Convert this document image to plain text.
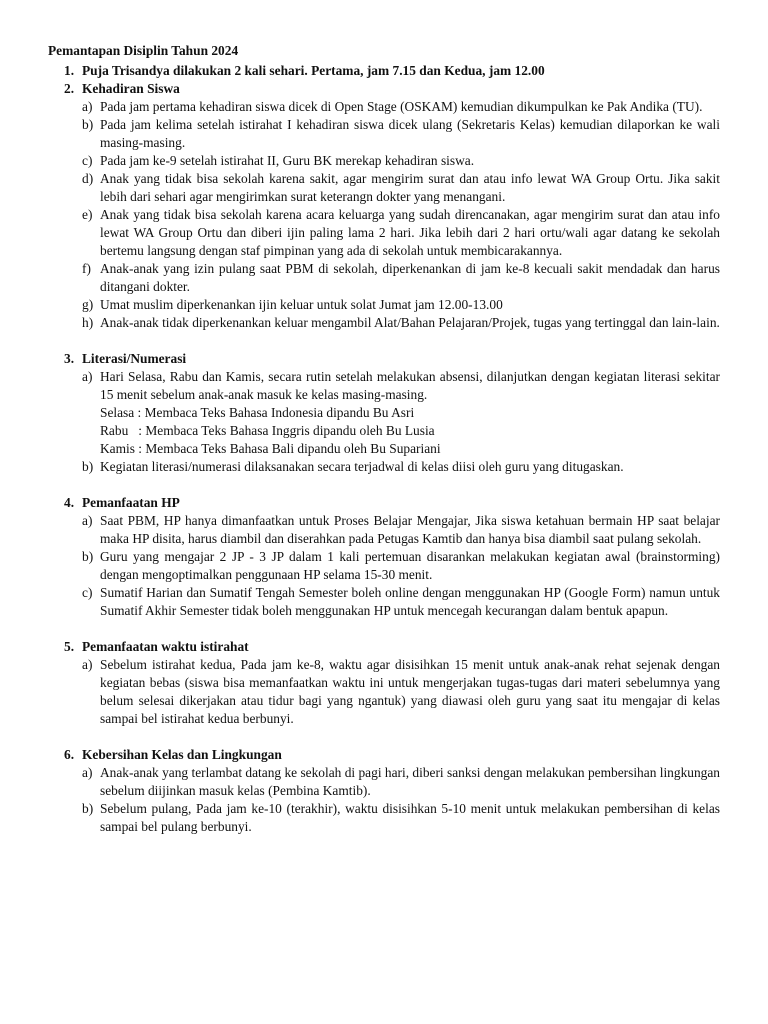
Pemantapan Disiplin Tahun 2024
1. Puja Trisandya dilakukan 2 kali sehari. Pertama, jam 7.15 dan Kedua, jam 12.00
2. Kehadiran Siswa
a) Pada jam pertama kehadiran siswa dicek di Open Stage (OSKAM) kemudian dikumpulkan ke Pak Andika (TU).
b) Pada jam kelima setelah istirahat I kehadiran siswa dicek ulang (Sekretaris Kelas) kemudian dilaporkan ke wali masing-masing.
c) Pada jam ke-9 setelah istirahat II, Guru BK merekap kehadiran siswa.
d) Anak yang tidak bisa sekolah karena sakit, agar mengirim surat dan atau info lewat WA Group Ortu. Jika sakit lebih dari sehari agar mengirimkan surat keterangn dokter yang menangani.
e) Anak yang tidak bisa sekolah karena acara keluarga yang sudah direncanakan, agar mengirim surat dan atau info lewat WA Group Ortu dan diberi ijin paling lama 2 hari. Jika lebih dari 2 hari ortu/wali agar datang ke sekolah bertemu langsung dengan staf pimpinan yang ada di sekolah untuk membicarakannya.
f) Anak-anak yang izin pulang saat PBM di sekolah, diperkenankan di jam ke-8 kecuali sakit mendadak dan harus ditangani dokter.
g) Umat muslim diperkenankan ijin keluar untuk solat Jumat jam 12.00-13.00
h) Anak-anak tidak diperkenankan keluar mengambil Alat/Bahan Pelajaran/Projek, tugas yang tertinggal dan lain-lain.
3. Literasi/Numerasi
a) Hari Selasa, Rabu dan Kamis, secara rutin setelah melakukan absensi, dilanjutkan dengan kegiatan literasi sekitar 15 menit sebelum anak-anak masuk ke kelas masing-masing.
Selasa : Membaca Teks Bahasa Indonesia dipandu Bu Asri
Rabu   : Membaca Teks Bahasa Inggris dipandu oleh Bu Lusia
Kamis : Membaca Teks Bahasa Bali dipandu oleh Bu Supariani
b) Kegiatan literasi/numerasi dilaksanakan secara terjadwal di kelas diisi oleh guru yang ditugaskan.
4. Pemanfaatan HP
a) Saat PBM, HP hanya dimanfaatkan untuk Proses Belajar Mengajar, Jika siswa ketahuan bermain HP saat belajar maka HP disita, harus diambil dan diserahkan pada Petugas Kamtib dan hanya bisa diambil saat pulang sekolah.
b) Guru yang mengajar 2 JP - 3 JP dalam 1 kali pertemuan disarankan melakukan kegiatan awal (brainstorming) dengan mengoptimalkan penggunaan HP selama 15-30 menit.
c) Sumatif Harian dan Sumatif Tengah Semester boleh online dengan menggunakan HP (Google Form) namun untuk Sumatif Akhir Semester tidak boleh menggunakan HP untuk mencegah kecurangan dalam bentuk apapun.
5. Pemanfaatan waktu istirahat
a) Sebelum istirahat kedua, Pada jam ke-8, waktu agar disisihkan 15 menit untuk anak-anak rehat sejenak dengan kegiatan bebas (siswa bisa memanfaatkan waktu ini untuk mengerjakan tugas-tugas dari materi sebelumnya yang belum selesai dikerjakan atau tidur bagi yang ngantuk) yang diawasi oleh guru yang saat itu mengajar di kelas sampai bel istirahat kedua berbunyi.
6. Kebersihan Kelas dan Lingkungan
a) Anak-anak yang terlambat datang ke sekolah di pagi hari, diberi sanksi dengan melakukan pembersihan lingkungan sebelum diijinkan masuk kelas (Pembina Kamtib).
b) Sebelum pulang, Pada jam ke-10 (terakhir), waktu disisihkan 5-10 menit untuk melakukan pembersihan di kelas sampai bel pulang berbunyi.
